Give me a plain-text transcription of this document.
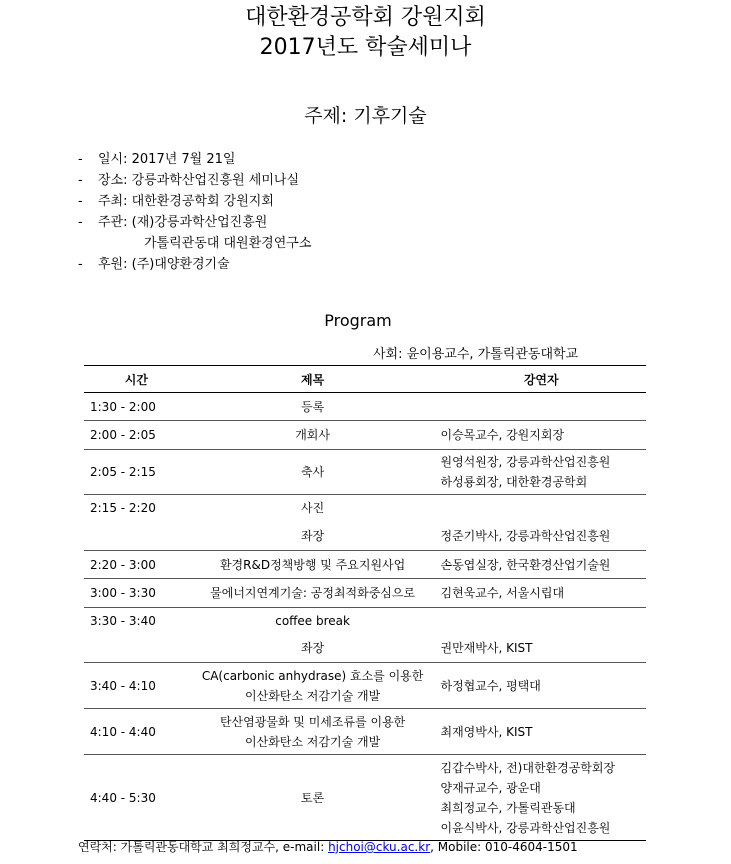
대한환경공학회 강원지회
2017년도 학술세미나
주제: 기후기술
- 일시: 2017년 7월 21일
- 장소: 강릉과학산업진흥원 세미나실
- 주최: 대한환경공학회 강원지회
- 주관: (재)강릉과학산업진흥원
가톨릭관동대 대원환경연구소
- 후원: (주)대양환경기술
Program
사회: 윤이용교수, 가톨릭관동대학교
시간	제목	강연자
1:30 - 2:00	등록	
2:00 - 2:05	개회사	이승목교수, 강원지회장
2:05 - 2:15	축사	원영석원장, 강릉과학산업진흥원
하성룡회장, 대한환경공학회

2:15 - 2:20	사진	
	좌장	정준기박사, 강릉과학산업진흥원
2:20 - 3:00	환경R&D정책방행 및 주요지원사업	손동엽실장, 한국환경산업기술원
3:00 - 3:30	물에너지연계기술: 공정최적화중심으로	김현욱교수, 서울시립대
3:30 - 3:40	coffee break	
	좌장	권만재박사, KIST
3:40 - 4:10	CA(carbonic anhydrase) 효소를 이용한
이산화탄소 저감기술 개발	하정협교수, 평택대
4:10 - 4:40	탄산염광물화 및 미세조류를 이용한
이산화탄소 저감기술 개발	최재영박사, KIST
4:40 - 5:30	토론	김갑수박사, 전)대한환경공학회장
양재규교수, 광운대
최희정교수, 가톨릭관동대
이윤식박사, 강릉과학산업진흥원
연락처: 가톨릭관동대학교 최희정교수, e-mail: hjchoi@cku.ac.kr, Mobile: 010-4604-1501
